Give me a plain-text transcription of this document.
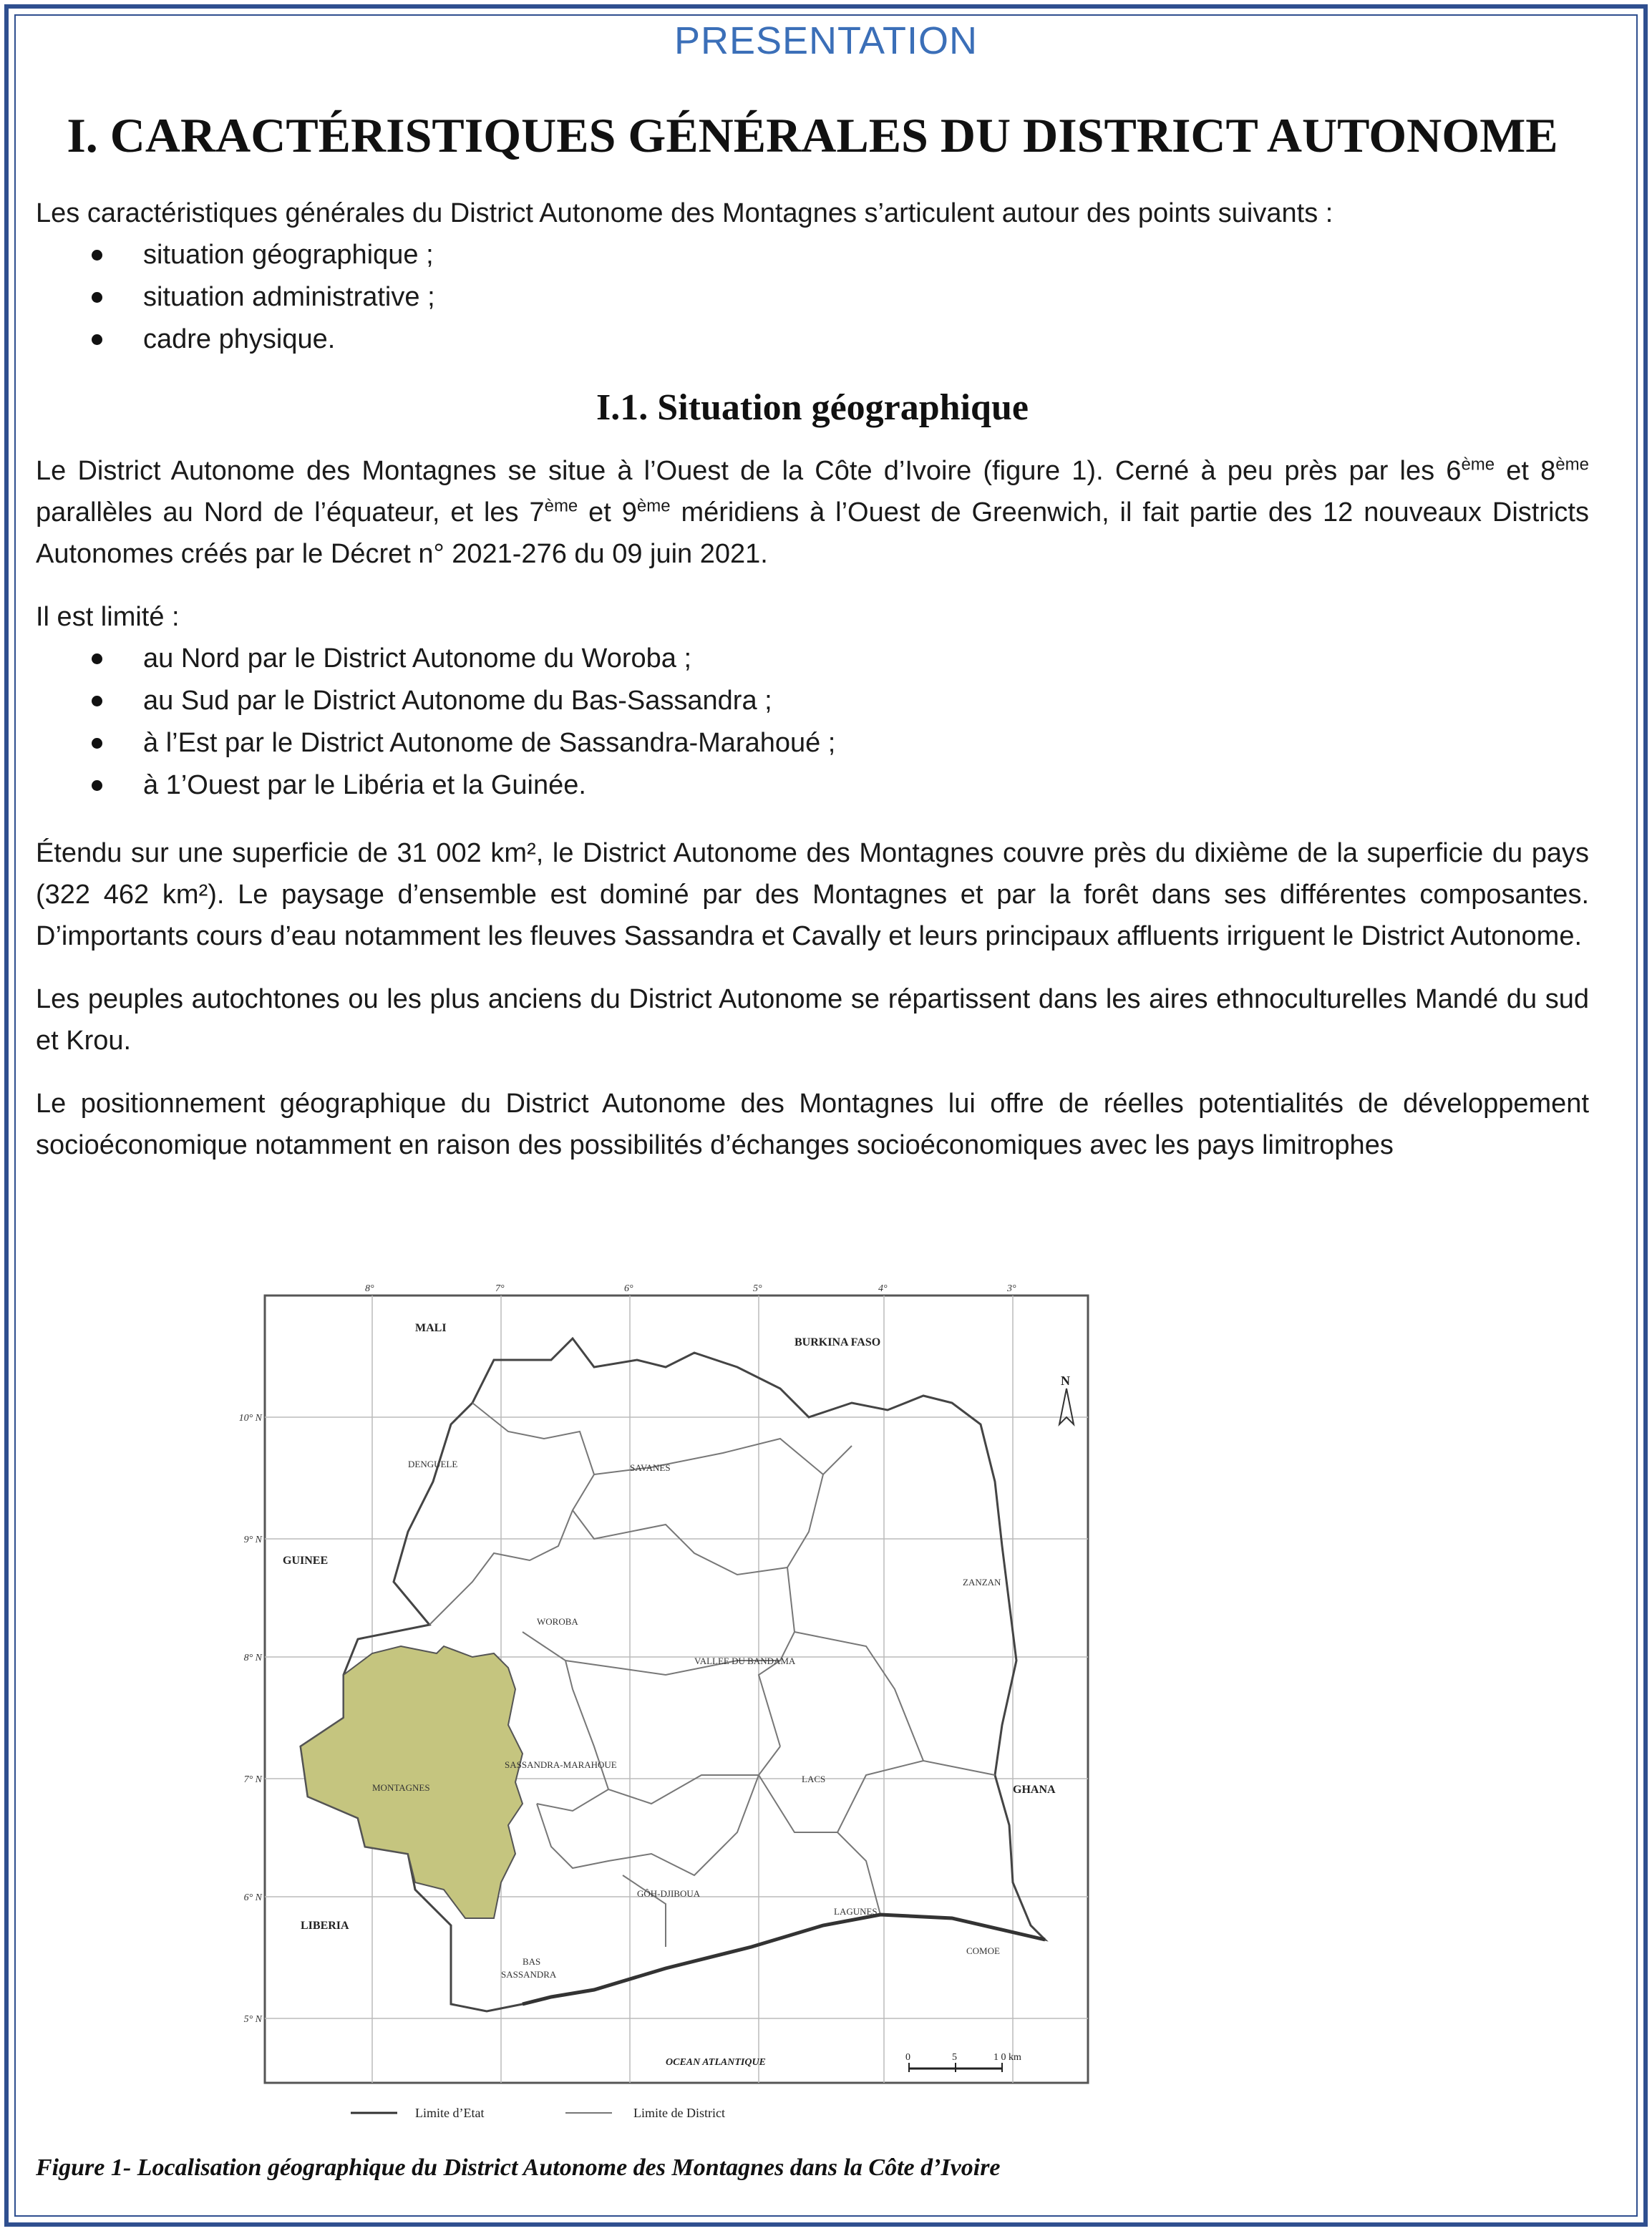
PRESENTATION
I. CARACTÉRISTIQUES GÉNÉRALES DU DISTRICT AUTONOME

Les caractéristiques générales du District Autonome des Montagnes s’articulent autour des points suivants :

situation géographique ;
situation administrative ;
cadre physique.
I.1. Situation géographique

Le District Autonome des Montagnes se situe à l’Ouest de la Côte d’Ivoire (figure 1). Cerné à peu près par les 6ème et 8ème parallèles au Nord de l’équateur, et les 7ème et 9ème méridiens à l’Ouest de Greenwich, il fait partie des 12 nouveaux Districts Autonomes créés par le Décret n° 2021-276 du 09 juin 2021.

Il est limité :

au Nord par le District Autonome du Woroba ;
au Sud par le District Autonome du Bas-Sassandra ;
à l’Est par le District Autonome de Sassandra-Marahoué ;
à 1’Ouest par le Libéria et la Guinée.

Étendu sur une superficie de 31 002 km², le District Autonome des Montagnes couvre près du dixième de la superficie du pays (322 462 km²). Le paysage d’ensemble est dominé par des Montagnes et par la forêt dans ses différentes composantes. D’importants cours d’eau notamment les fleuves Sassandra et Cavally et leurs principaux affluents irriguent le District Autonome.

Les peuples autochtones ou les plus anciens du District Autonome se répartissent dans les aires ethnoculturelles Mandé du sud et Krou.

Le positionnement géographique du District Autonome des Montagnes lui offre de réelles potentialités de développement socioéconomique notamment en raison des possibilités d’échanges socioéconomiques avec les pays limitrophes

8°	7°	6°	5°	4°	3°
10° N
9° N
8° N
7° N
6° N
5° N
MALI
BURKINA FASO
GUINEE
LIBERIA
GHANA
DENGUELE	SAVANES
ZANZAN
WOROBA
VALLEE DU BANDAMA
SASSANDRA-MARAHOUE
MONTAGNES
LACS
GÔH-DJIBOUA
LAGUNES
COMOE
BAS
SASSANDRA
OCEAN ATLANTIQUE
N
0	5	1 0 km
Limite d’Etat	Limite de District
Figure 1- Localisation géographique du District Autonome des Montagnes dans la Côte d’Ivoire
